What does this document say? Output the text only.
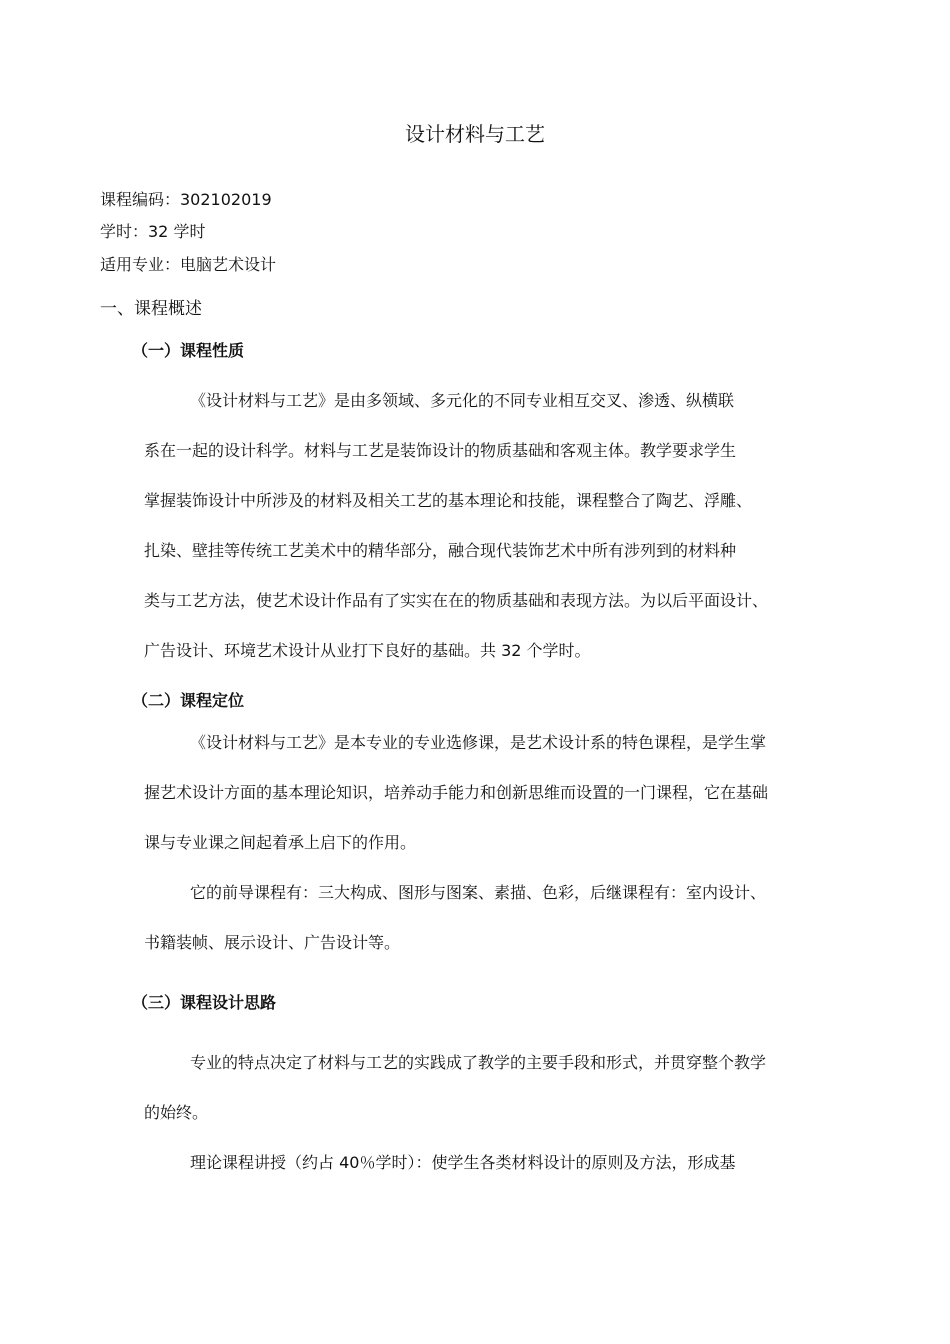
设计材料与工艺
课程编码：302102019
学时：32 学时
适用专业：电脑艺术设计
一、课程概述
（一）课程性质
《设计材料与工艺》是由多领域、多元化的不同专业相互交叉、渗透、纵横联
系在一起的设计科学。材料与工艺是装饰设计的物质基础和客观主体。教学要求学生
掌握装饰设计中所涉及的材料及相关工艺的基本理论和技能，课程整合了陶艺、浮雕、
扎染、壁挂等传统工艺美术中的精华部分，融合现代装饰艺术中所有涉列到的材料种
类与工艺方法，使艺术设计作品有了实实在在的物质基础和表现方法。为以后平面设计、
广告设计、环境艺术设计从业打下良好的基础。共 32 个学时。
（二）课程定位
《设计材料与工艺》是本专业的专业选修课，是艺术设计系的特色课程，是学生掌
握艺术设计方面的基本理论知识，培养动手能力和创新思维而设置的一门课程，它在基础
课与专业课之间起着承上启下的作用。
它的前导课程有：三大构成、图形与图案、素描、色彩，后继课程有：室内设计、
书籍装帧、展示设计、广告设计等。
（三）课程设计思路
专业的特点决定了材料与工艺的实践成了教学的主要手段和形式，并贯穿整个教学
的始终。
理论课程讲授（约占 40％学时）：使学生各类材料设计的原则及方法，形成基
